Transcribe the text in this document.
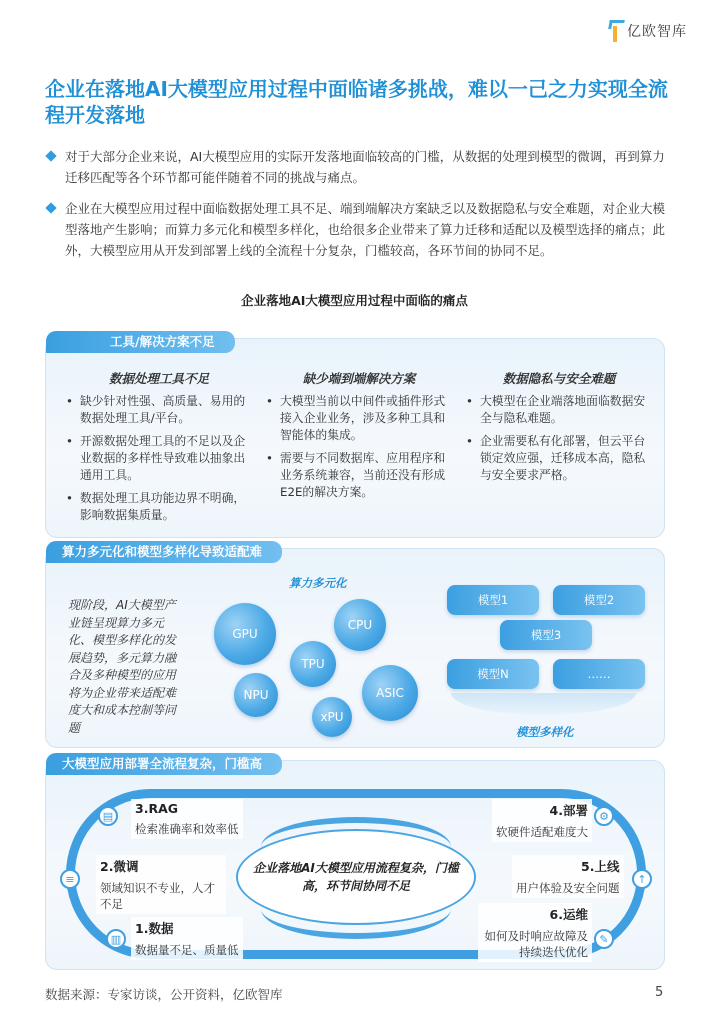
亿欧智库
企业在落地AI大模型应用过程中面临诸多挑战，难以一己之力实现全流程开发落地
对于大部分企业来说，AI大模型应用的实际开发落地面临较高的门槛，从数据的处理到模型的微调，再到算力迁移匹配等各个环节都可能伴随着不同的挑战与痛点。
企业在大模型应用过程中面临数据处理工具不足、端到端解决方案缺乏以及数据隐私与安全难题，对企业大模型落地产生影响；而算力多元化和模型多样化，也给很多企业带来了算力迁移和适配以及模型选择的痛点；此外，大模型应用从开发到部署上线的全流程十分复杂，门槛较高，各环节间的协同不足。
企业落地AI大模型应用过程中面临的痛点
工具/解决方案不足
数据处理工具不足
• 缺少针对性强、高质量、易用的数据处理工具/平台。
• 开源数据处理工具的不足以及企业数据的多样性导致难以抽象出通用工具。
• 数据处理工具功能边界不明确，影响数据集质量。
缺少端到端解决方案
• 大模型当前以中间件或插件形式接入企业业务，涉及多种工具和智能体的集成。
• 需要与不同数据库、应用程序和业务系统兼容，当前还没有形成E2E的解决方案。
数据隐私与安全难题
• 大模型在企业端落地面临数据安全与隐私难题。
• 企业需要私有化部署，但云平台锁定效应强，迁移成本高，隐私与安全要求严格。
算力多元化和模型多样化导致适配难
现阶段，AI大模型产业链呈现算力多元化、模型多样化的发展趋势，多元算力融合及多种模型的应用将为企业带来适配难度大和成本控制等问题
算力多元化
GPU
CPU
TPU
NPU	ASIC
xPU
模型1	模型2
模型3
模型N	……
模型多样化
大模型应用部署全流程复杂，门槛高
企业落地AI大模型应用流程复杂，门槛高，环节间协同不足
▤
≡
▥
⚙
↑
✎
3.RAG
检索准确率和效率低
2.微调
领域知识不专业，人才不足
1.数据
数据量不足、质量低
4.部署
软硬件适配难度大
5.上线
用户体验及安全问题
6.运维
如何及时响应故障及持续迭代优化
数据来源：专家访谈，公开资料，亿欧智库	5
